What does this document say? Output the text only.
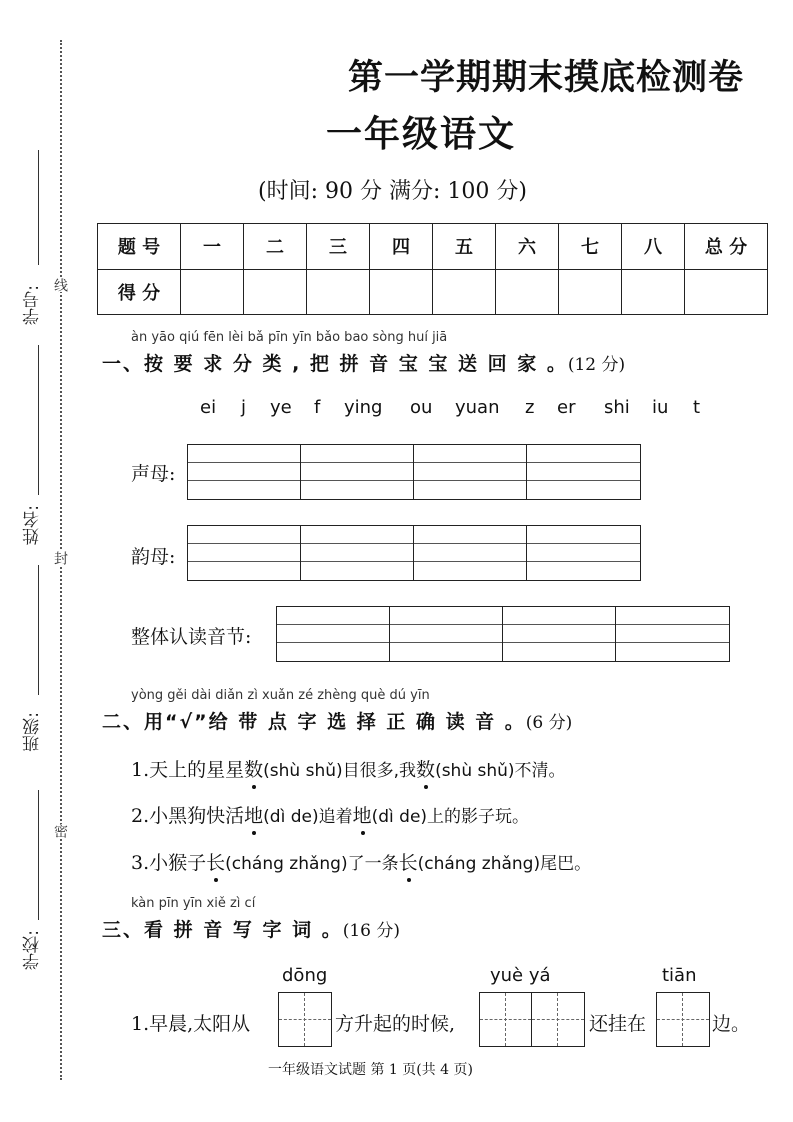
学号:
姓名:
班级:
学校:
线
封
密
第一学期期末摸底检测卷
一年级语文
(时间: 90 分 满分: 100 分)
题 号	一	二	三	四	五	六	七	八	总 分
得 分									
àn yāo qiú fēn lèi bǎ pīn yīn bǎo bao sòng huí jiā
一、按 要 求 分 类 , 把 拼 音 宝 宝 送 回 家 。(12 分)
ei j ye f ying ou yuan z er shi iu t
声母:
韵母:
整体认读音节:
yòng gěi dài diǎn zì xuǎn zé zhèng què dú yīn
二、用“√”给 带 点 字 选 择 正 确 读 音 。(6 分)
1.天上的星星数
(shù shǔ)目很多,我数
(shù shǔ)不清。
2.小黑狗快活地
(dì de)追着地
(dì de)上的影子玩。
3.小猴子长
(cháng zhǎng)了一条长
(cháng zhǎng)尾巴。
kàn pīn yīn xiě zì cí
三、看 拼 音 写 字 词 。(16 分)
dōng	yuè yá	tiān
1.早晨,太阳从	方升起的时候,	还挂在	边。
一年级语文试题 第 1 页(共 4 页)
